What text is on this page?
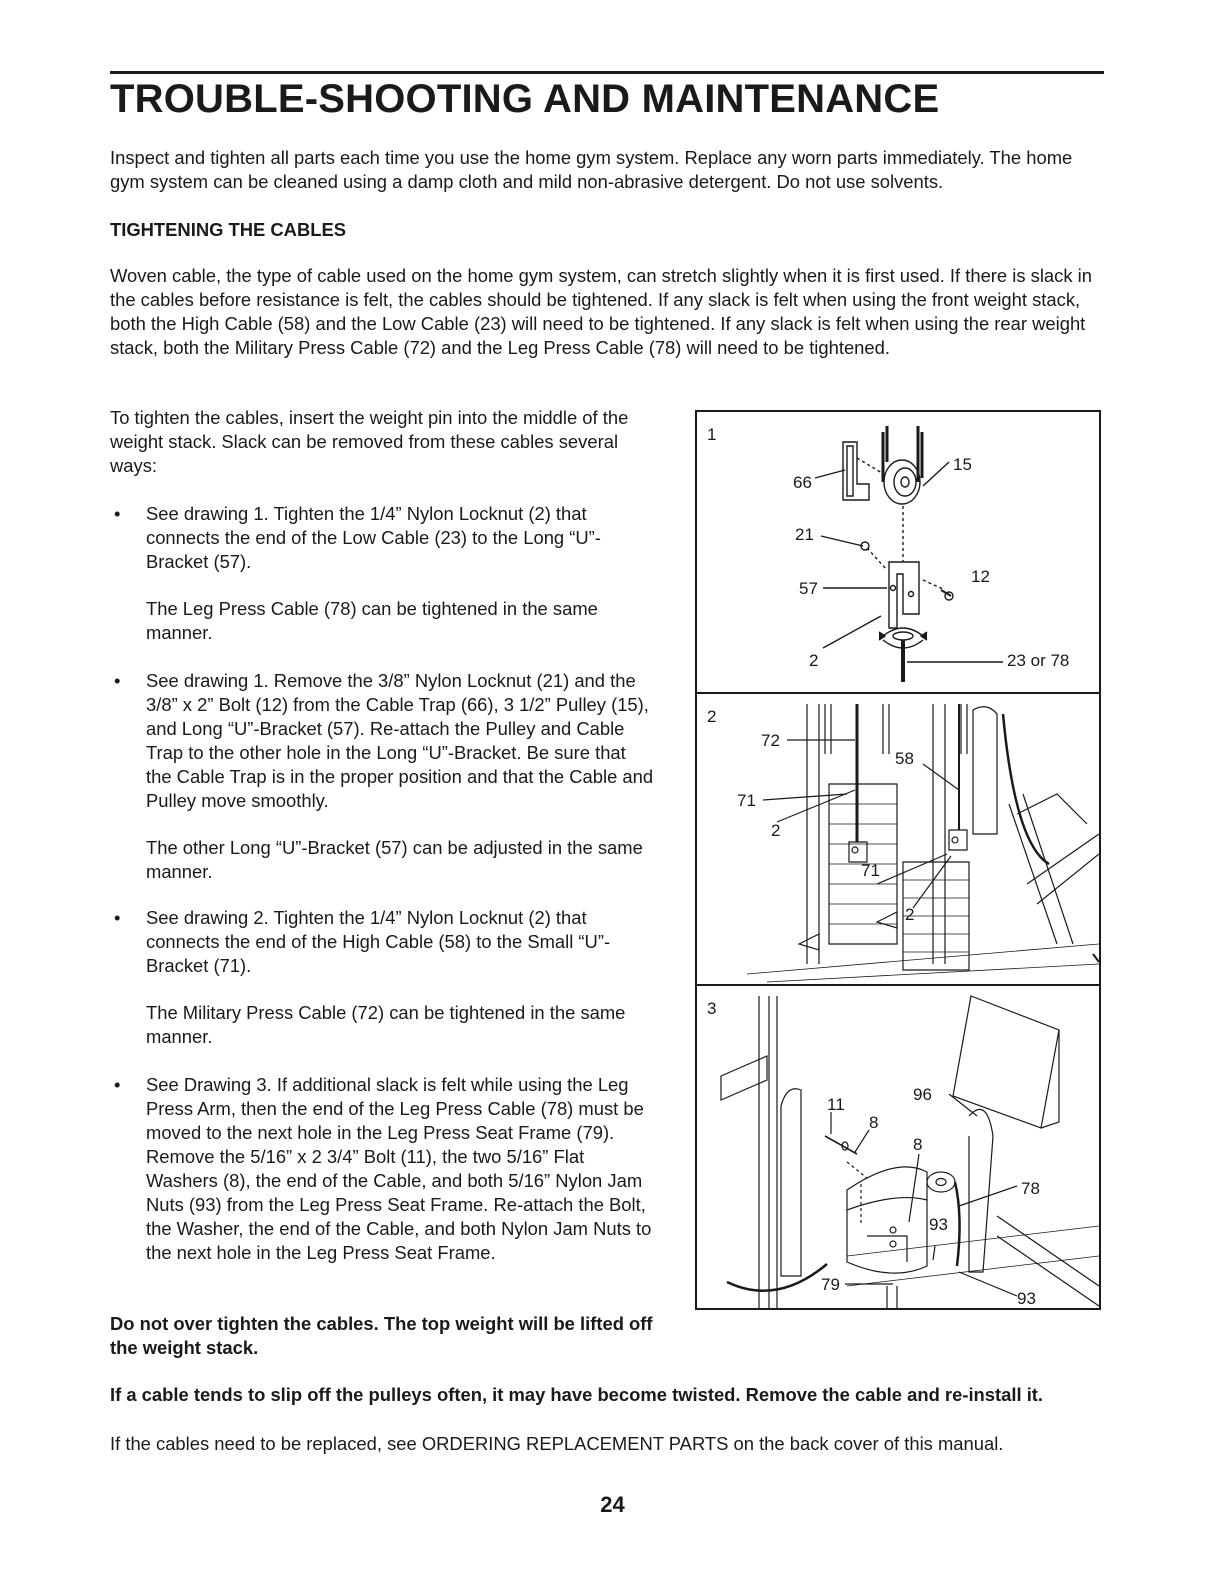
TROUBLE-SHOOTING AND MAINTENANCE

Inspect and tighten all parts each time you use the home gym system. Replace any worn parts immediately. The home gym system can be cleaned using a damp cloth and mild non-abrasive detergent. Do not use solvents.

TIGHTENING THE CABLES

Woven cable, the type of cable used on the home gym system, can stretch slightly when it is first used. If there is slack in the cables before resistance is felt, the cables should be tightened. If any slack is felt when using the front weight stack, both the High Cable (58) and the Low Cable (23) will need to be tightened. If any slack is felt when using the rear weight stack, both the Military Press Cable (72) and the Leg Press Cable (78) will need to be tightened.

To tighten the cables, insert the weight pin into the middle of the weight stack. Slack can be removed from these cables several ways:

•	See drawing 1. Tighten the 1/4” Nylon Locknut (2) that connects the end of the Low Cable (23) to the Long “U”-Bracket (57).

The Leg Press Cable (78) can be tightened in the same manner.

•	See drawing 1. Remove the 3/8” Nylon Locknut (21) and the 3/8” x 2” Bolt (12) from the Cable Trap (66), 3 1/2” Pulley (15), and Long “U”-Bracket (57). Re-attach the Pulley and Cable Trap to the other hole in the Long “U”-Bracket. Be sure that the Cable Trap is in the proper position and that the Cable and Pulley move smoothly.

The other Long “U”-Bracket (57) can be adjusted in the same manner.

•	See drawing 2. Tighten the 1/4” Nylon Locknut (2) that connects the end of the High Cable (58) to the Small “U”-Bracket (71).

The Military Press Cable (72) can be tightened in the same manner.

•	See Drawing 3. If additional slack is felt while using the Leg Press Arm, then the end of the Leg Press Cable (78) must be moved to the next hole in the Leg Press Seat Frame (79). Remove the 5/16” x 2 3/4” Bolt (11), the two 5/16” Flat Washers (8), the end of the Cable, and both 5/16” Nylon Jam Nuts (93) from the Leg Press Seat Frame. Re-attach the Bolt, the Washer, the end of the Cable, and both Nylon Jam Nuts to the next hole in the Leg Press Seat Frame.

Do not over tighten the cables. The top weight will be lifted off the weight stack.

If a cable tends to slip off the pulleys often, it may have become twisted. Remove the cable and re-install it.

If the cables need to be replaced, see ORDERING REPLACEMENT PARTS on the back cover of this manual.

24
1
66
15
21
57
12
2	23 or 78
2
72
58
71
2
71
2
3
96
11
8
8
78
93
79
93
